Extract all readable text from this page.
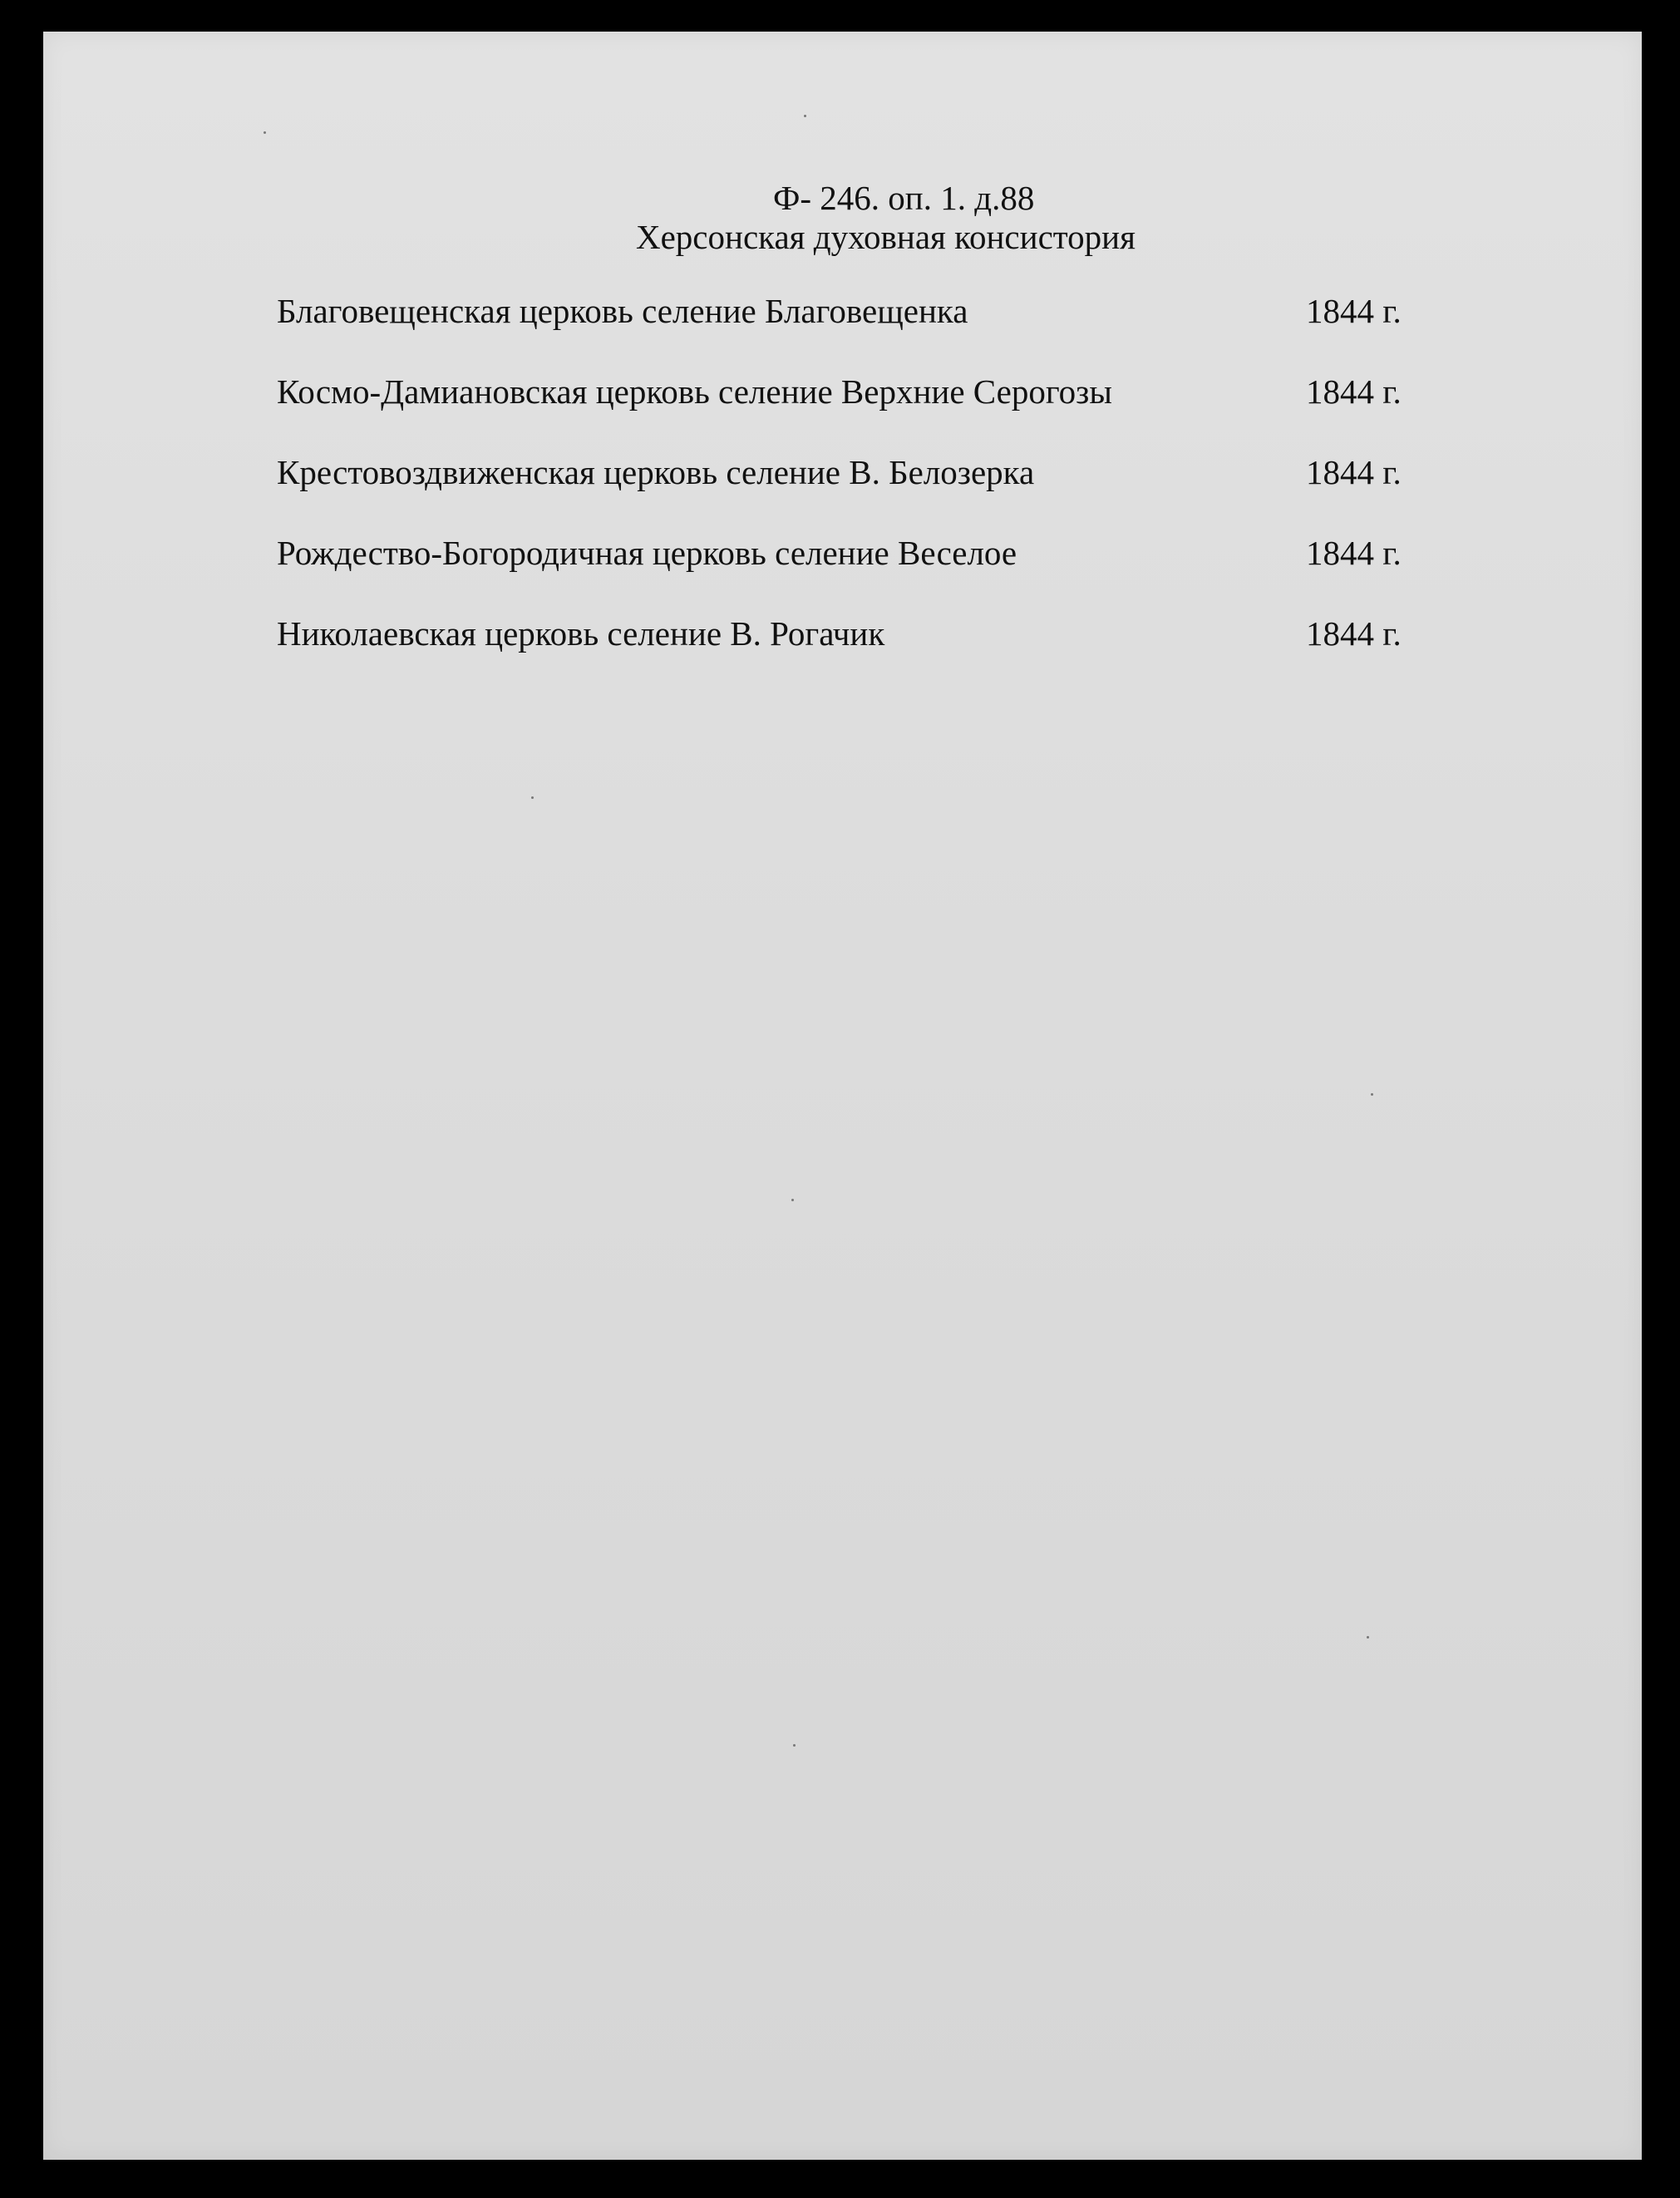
Ф- 246. оп. 1. д.88
Херсонская духовная консистория
Благовещенская церковь селение Благовещенка	1844 г.
Космо-Дамиановская церковь селение Верхние Серогозы	1844 г.
Крестовоздвиженская церковь селение В. Белозерка	1844 г.
Рождество-Богородичная церковь селение Веселое	1844 г.
Николаевская церковь селение В. Рогачик	1844 г.
